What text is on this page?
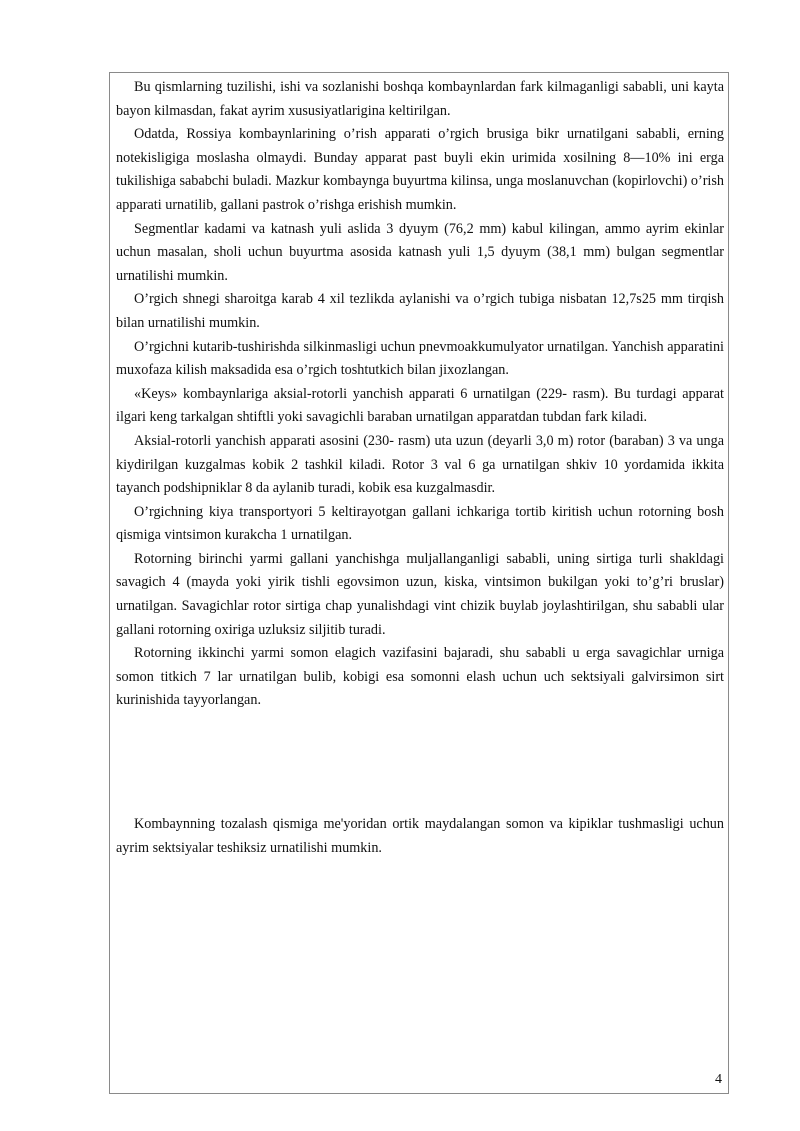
Bu qismlarning tuzilishi, ishi va sozlanishi boshqa kombaynlardan fark kilmaganligi sababli, uni kayta bayon kilmasdan, fakat ayrim xususiyatlarigina keltirilgan.

Odatda, Rossiya kombaynlarining o’rish apparati o’rgich brusiga bikr urnatilgani sababli, erning notekisligiga moslasha olmaydi. Bunday apparat past buyli ekin urimida xosilning 8—10% ini erga tukilishiga sababchi buladi. Mazkur kombaynga buyurtma kilinsa, unga moslanuvchan (kopirlovchi) o’rish apparati urnatilib, gallani pastrok o’rishga erishish mumkin.

Segmentlar kadami va katnash yuli aslida 3 dyuym (76,2 mm) kabul kilingan, ammo ayrim ekinlar uchun masalan, sholi uchun buyurtma asosida katnash yuli 1,5 dyuym (38,1 mm) bulgan segmentlar urnatilishi mumkin.

O’rgich shnegi sharoitga karab 4 xil tezlikda aylanishi va o’rgich tubiga nisbatan 12,7s25 mm tirqish bilan urnatilishi mumkin.

O’rgichni kutarib-tushirishda silkinmasligi uchun pnevmoakkumulyator urnatilgan. Yanchish apparatini muxofaza kilish maksadida esa o’rgich toshtutkich bilan jixozlangan.

«Keys» kombaynlariga aksial-rotorli yanchish apparati 6 urnatilgan (229- rasm). Bu turdagi apparat ilgari keng tarkalgan shtiftli yoki savagichli baraban urnatilgan apparatdan tubdan fark kiladi.

Aksial-rotorli yanchish apparati asosini (230- rasm) uta uzun (deyarli 3,0 m) rotor (baraban) 3 va unga kiydirilgan kuzgalmas kobik 2 tashkil kiladi. Rotor 3 val 6 ga urnatilgan shkiv 10 yordamida ikkita tayanch podshipniklar 8 da aylanib turadi, kobik esa kuzgalmasdir.

O’rgichning kiya transportyori 5 keltirayotgan gallani ichkariga tortib kiritish uchun rotorning bosh qismiga vintsimon kurakcha 1 urnatilgan.

Rotorning birinchi yarmi gallani yanchishga muljallanganligi sababli, uning sirtiga turli shakldagi savagich 4 (mayda yoki yirik tishli egovsimon uzun, kiska, vintsimon bukilgan yoki to’g’ri bruslar) urnatilgan. Savagichlar rotor sirtiga chap yunalishdagi vint chizik buylab joylashtirilgan, shu sababli ular gallani rotorning oxiriga uzluksiz siljitib turadi.

Rotorning ikkinchi yarmi somon elagich vazifasini bajaradi, shu sababli u erga savagichlar urniga somon titkich 7 lar urnatilgan bulib, kobigi esa somonni elash uchun uch sektsiyali galvirsimon sirt kurinishida tayyorlangan.

Kombaynning tozalash qismiga me'yoridan ortik maydalangan somon va kipiklar tushmasligi uchun ayrim sektsiyalar teshiksiz urnatilishi mumkin.

4
